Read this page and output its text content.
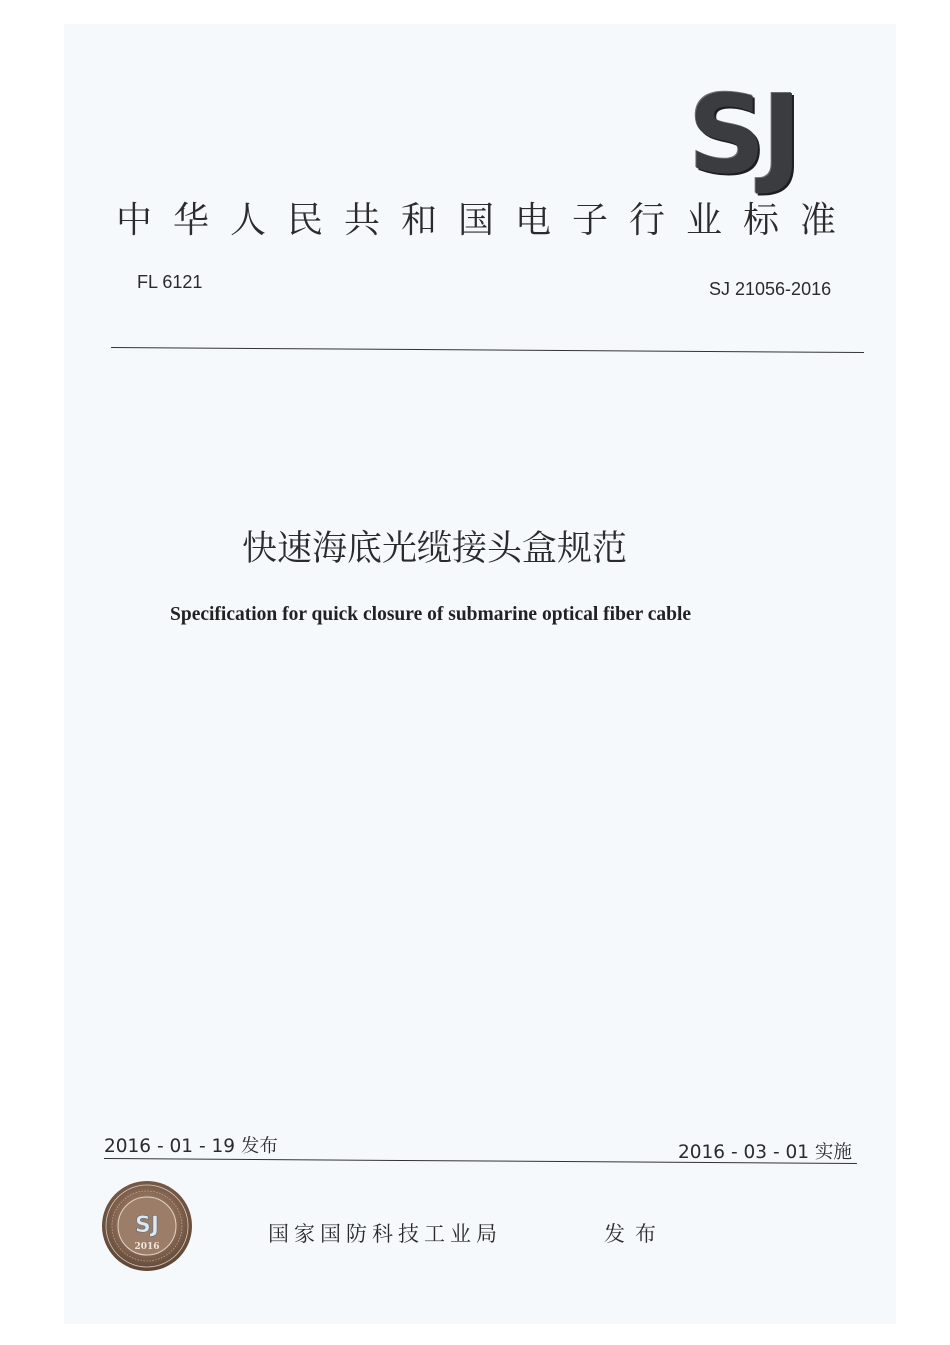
SJ
中华人民共和国电子行业标准
FL 6121	SJ 21056-2016
快速海底光缆接头盒规范
Specification for quick closure of submarine optical fiber cable
2016 - 01 - 19 发布	2016 - 03 - 01 实施
SJ
2016
国家国防科技工业局	发布
